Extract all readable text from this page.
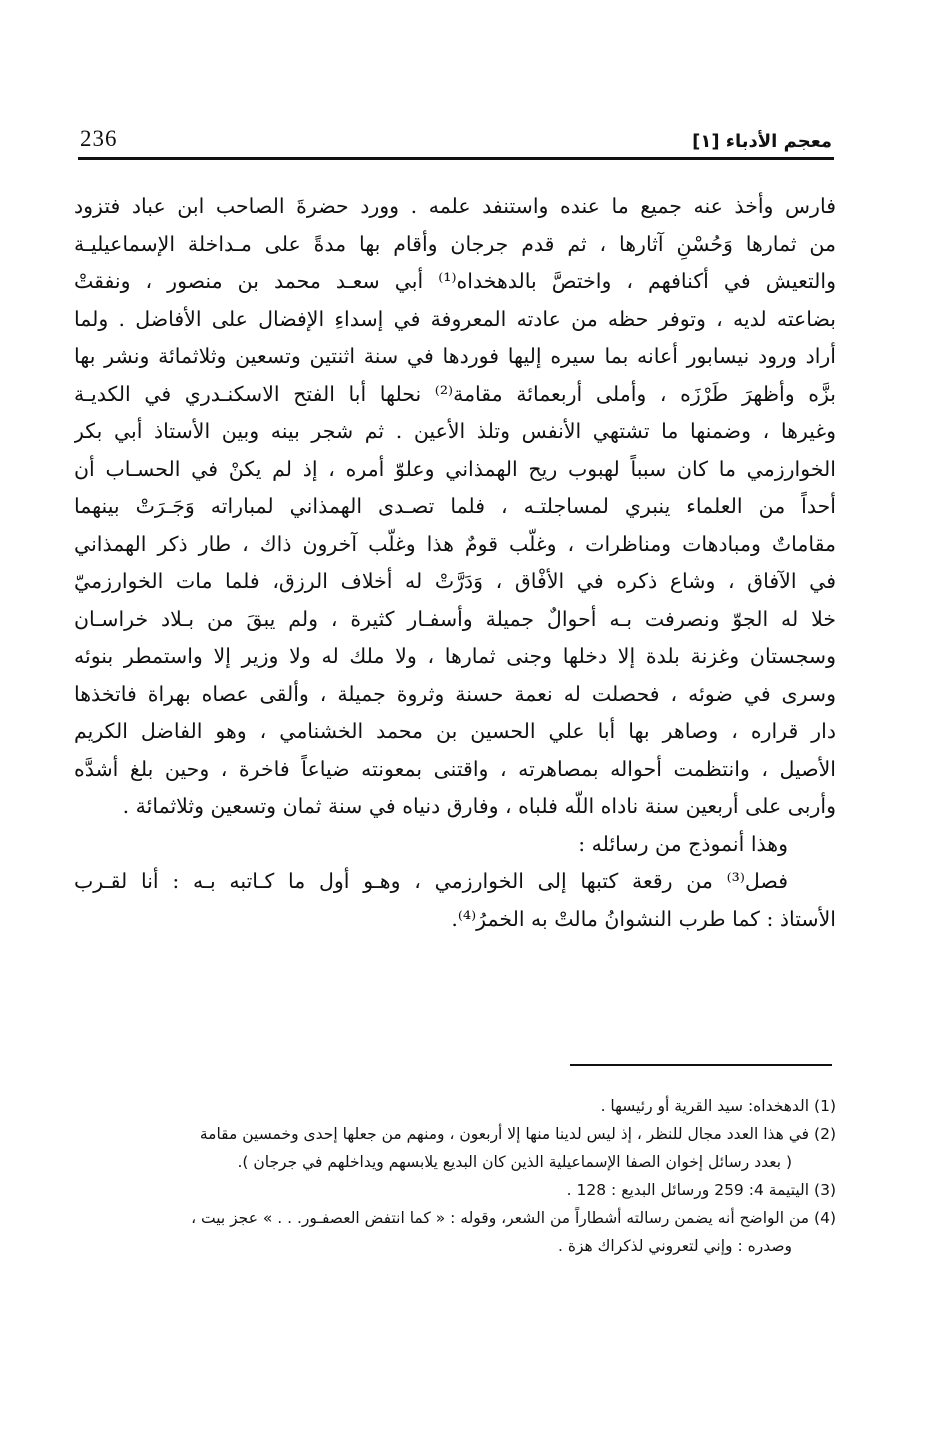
236	معجم الأدباء [١]
فارس وأخذ عنه جميع ما عنده واستنفد علمه . وورد حضرةَ الصاحب ابن عباد فتزود
من ثمارها وَحُسْنِ آثارها ، ثم قدم جرجان وأقام بها مدةً على مـداخلة الإسماعيليـة
والتعيش في أكنافهم ، واختصَّ بالدهخداه⁽¹⁾ أبي سعـد محمد بن منصور ، ونفقتْ
بضاعته لديه ، وتوفر حظه من عادته المعروفة في إسداءِ الإفضال على الأفاضل . ولما
أراد ورود نيسابور أعانه بما سيره إليها فوردها في سنة اثنتين وتسعين وثلاثمائة ونشر بها
بزَّه وأظهرَ طَرْزَه ، وأملى أربعمائة مقامة⁽²⁾ نحلها أبا الفتح الاسكنـدري في الكديـة
وغيرها ، وضمنها ما تشتهي الأنفس وتلذ الأعين . ثم شجر بينه وبين الأستاذ أبي بكر
الخوارزمي ما كان سبباً لهبوب ريح الهمذاني وعلوّ أمره ، إذ لم يكنْ في الحسـاب أن
أحداً من العلماء ينبري لمساجلتـه ، فلما تصـدى الهمذاني لمباراته وَجَـرَتْ بينهما
مقاماتٌ ومبادهات ومناظرات ، وغلّب قومٌ هذا وغلّب آخرون ذاك ، طار ذكر الهمذاني
في الآفاق ، وشاع ذكره في الأفْاق ، وَدَرَّتْ له أخلاف الرزق، فلما مات الخوارزميّ
خلا له الجوّ ونصرفت بـه أحوالٌ جميلة وأسفـار كثيرة ، ولم يبقَ من بـلاد خراسـان
وسجستان وغزنة بلدة إلا دخلها وجنى ثمارها ، ولا ملك له ولا وزير إلا واستمطر بنوئه
وسرى في ضوئه ، فحصلت له نعمة حسنة وثروة جميلة ، وألقى عصاه بهراة فاتخذها
دار قراره ، وصاهر بها أبا علي الحسين بن محمد الخشنامي ، وهو الفاضل الكريم
الأصيل ، وانتظمت أحواله بمصاهرته ، واقتنى بمعونته ضياعاً فاخرة ، وحين بلغ أشدَّه
وأربى على أربعين سنة ناداه اللّه فلباه ، وفارق دنياه في سنة ثمان وتسعين وثلاثمائة .
وهذا أنموذج من رسائله :
فصل⁽³⁾ من رقعة كتبها إلى الخوارزمي ، وهـو أول ما كـاتبه بـه : أنا لقـرب
الأستاذ : كما طرب النشوانُ مالتْ به الخمرُ⁽⁴⁾.
(1) الدهخداه: سيد القرية أو رئيسها .
(2) في هذا العدد مجال للنظر ، إذ ليس لدينا منها إلا أربعون ، ومنهم من جعلها إحدى وخمسين مقامة
( بعدد رسائل إخوان الصفا الإسماعيلية الذين كان البديع يلابسهم ويداخلهم في جرجان ).
(3) اليتيمة 4: 259 ورسائل البديع : 128 .
(4) من الواضح أنه يضمن رسالته أشطاراً من الشعر، وقوله : « كما انتفض العصفـور. . . » عجز بيت ،
وصدره : وإني لتعروني لذكراك هزة .
